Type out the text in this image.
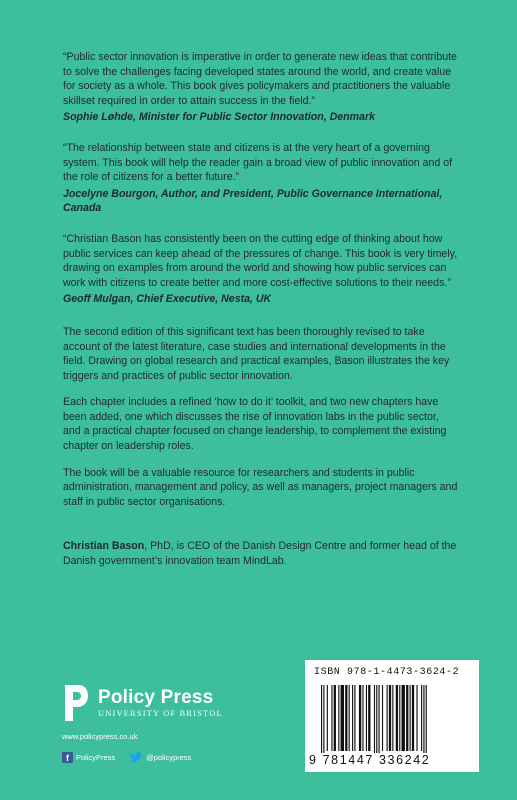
“Public sector innovation is imperative in order to generate new ideas that contribute to solve the challenges facing developed states around the world, and create value for society as a whole. This book gives policymakers and practitioners the valuable skillset required in order to attain success in the field.”

Sophie Løhde, Minister for Public Sector Innovation, Denmark

“The relationship between state and citizens is at the very heart of a governing system. This book will help the reader gain a broad view of public innovation and of the role of citizens for a better future.”

Jocelyne Bourgon, Author, and President, Public Governance International, Canada

“Christian Bason has consistently been on the cutting edge of thinking about how public services can keep ahead of the pressures of change. This book is very timely, drawing on examples from around the world and showing how public services can work with citizens to create better and more cost-effective solutions to their needs.”

Geoff Mulgan, Chief Executive, Nesta, UK

The second edition of this significant text has been thoroughly revised to take account of the latest literature, case studies and international developments in the field. Drawing on global research and practical examples, Bason illustrates the key triggers and practices of public sector innovation.

Each chapter includes a refined ‘how to do it’ toolkit, and two new chapters have been added, one which discusses the rise of innovation labs in the public sector, and a practical chapter focused on change leadership, to complement the existing chapter on leadership roles.

The book will be a valuable resource for researchers and students in public administration, management and policy, as well as managers, project managers and staff in public sector organisations.

Christian Bason, PhD, is CEO of the Danish Design Centre and former head of the Danish government’s innovation team MindLab.

Policy Press
UNIVERSITY OF BRISTOL
www.policypress.co.uk
f PolicyPress	@policypress
ISBN 978-1-4473-3624-2
9 781447 336242
